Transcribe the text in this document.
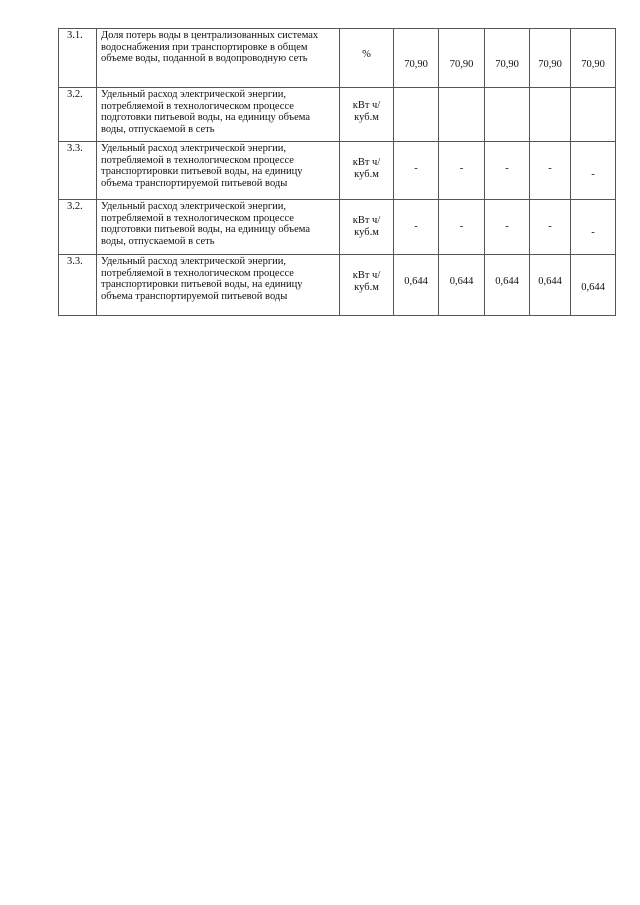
3.1.	Доля потерь воды в централизованных системах водоснабжения при транспортировке в общем объеме воды, поданной в водопроводную сеть	%	70,90	70,90	70,90	70,90	70,90
3.2.	Удельный расход электрической энергии, потребляемой в технологическом процессе подготовки питьевой воды, на единицу объема воды, отпускаемой в сеть	кВт ч/куб.м					
3.3.	Удельный расход электрической энергии, потребляемой в технологическом процессе транспортировки питьевой воды, на единицу объема транспортируемой питьевой воды	кВт ч/куб.м	-	-	-	-	-
3.2.	Удельный расход электрической энергии, потребляемой в технологическом процессе подготовки питьевой воды, на единицу объема воды, отпускаемой в сеть	кВт ч/куб.м	-	-	-	-	-
3.3.	Удельный расход электрической энергии, потребляемой в технологическом процессе транспортировки питьевой воды, на единицу объема транспортируемой питьевой воды	кВт ч/куб.м	0,644	0,644	0,644	0,644	0,644
